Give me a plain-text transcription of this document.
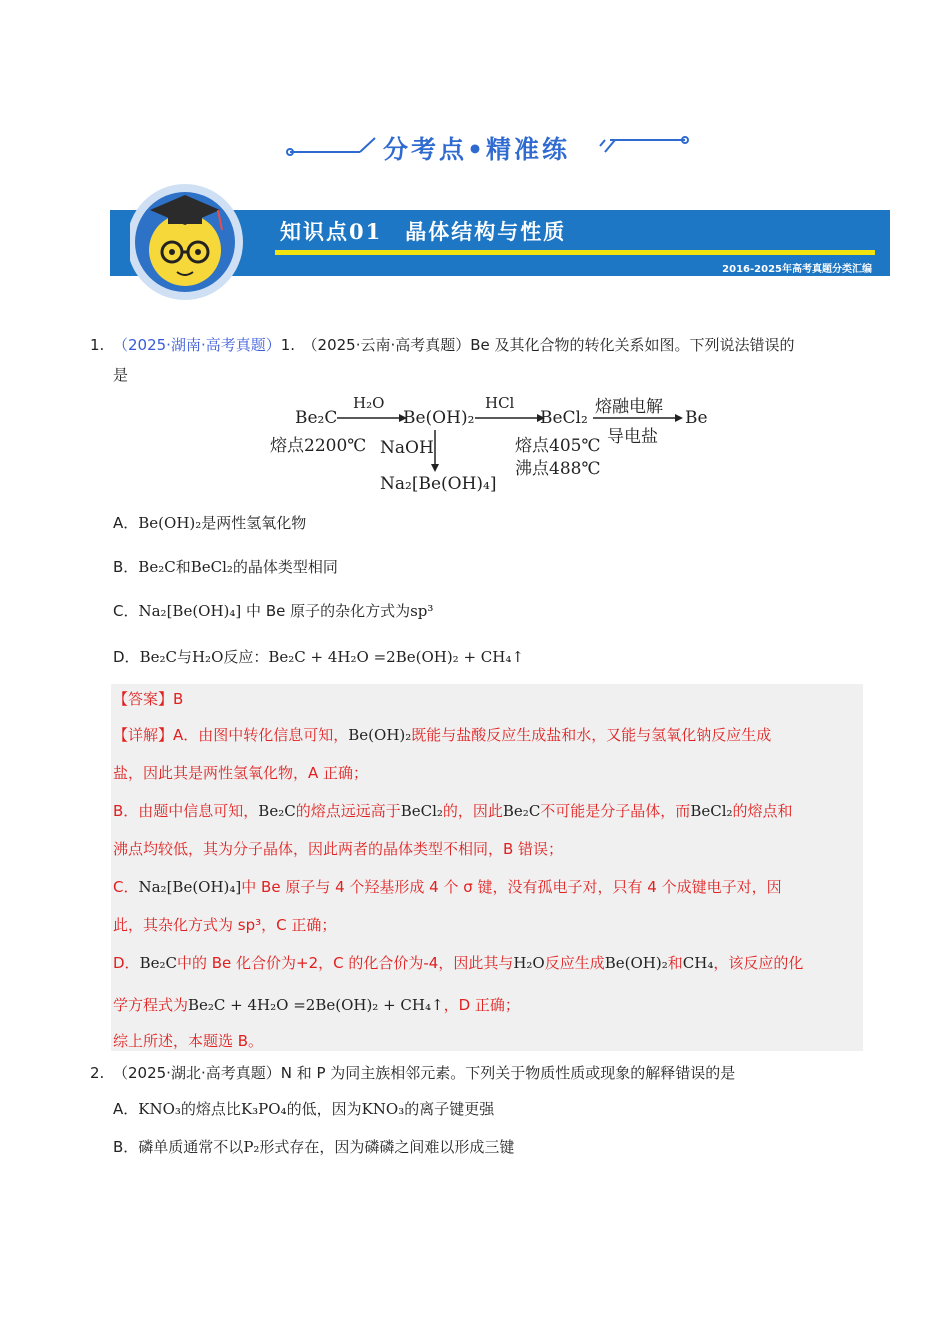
分考点•精准练
知识点01　晶体结构与性质
2016-2025年高考真题分类汇编
1. （2025·湖南·高考真题）1.　（2025·云南·高考真题）Be 及其化合物的转化关系如图。下列说法错误的
是
Be₂C
熔点2200℃
H₂O
Be(OH)₂
HCl
BeCl₂
熔点405℃
沸点488℃
熔融电解
导电盐
Be
NaOH
Na₂[Be(OH)₄]
A．Be(OH)₂是两性氢氧化物
B．Be₂C和BeCl₂的晶体类型相同
C．Na₂[Be(OH)₄] 中 Be 原子的杂化方式为sp³
D．Be₂C与H₂O反应：Be₂C + 4H₂O =2Be(OH)₂ + CH₄↑
【答案】B
【详解】A．由图中转化信息可知，Be(OH)₂既能与盐酸反应生成盐和水，又能与氢氧化钠反应生成
盐，因此其是两性氢氧化物，A 正确；
B．由题中信息可知，Be₂C的熔点远远高于BeCl₂的，因此Be₂C不可能是分子晶体，而BeCl₂的熔点和
沸点均较低，其为分子晶体，因此两者的晶体类型不相同，B 错误；
C．Na₂[Be(OH)₄]中 Be 原子与 4 个羟基形成 4 个 σ 键，没有孤电子对，只有 4 个成键电子对，因
此，其杂化方式为 sp³，C 正确；
D．Be₂C中的 Be 化合价为+2，C 的化合价为-4，因此其与H₂O反应生成Be(OH)₂和CH₄，该反应的化
学方程式为Be₂C + 4H₂O =2Be(OH)₂ + CH₄↑，D 正确；
综上所述，本题选 B。
2. （2025·湖北·高考真题）N 和 P 为同主族相邻元素。下列关于物质性质或现象的解释错误的是
A．KNO₃的熔点比K₃PO₄的低，因为KNO₃的离子键更强
B．磷单质通常不以P₂形式存在，因为磷磷之间难以形成三键
